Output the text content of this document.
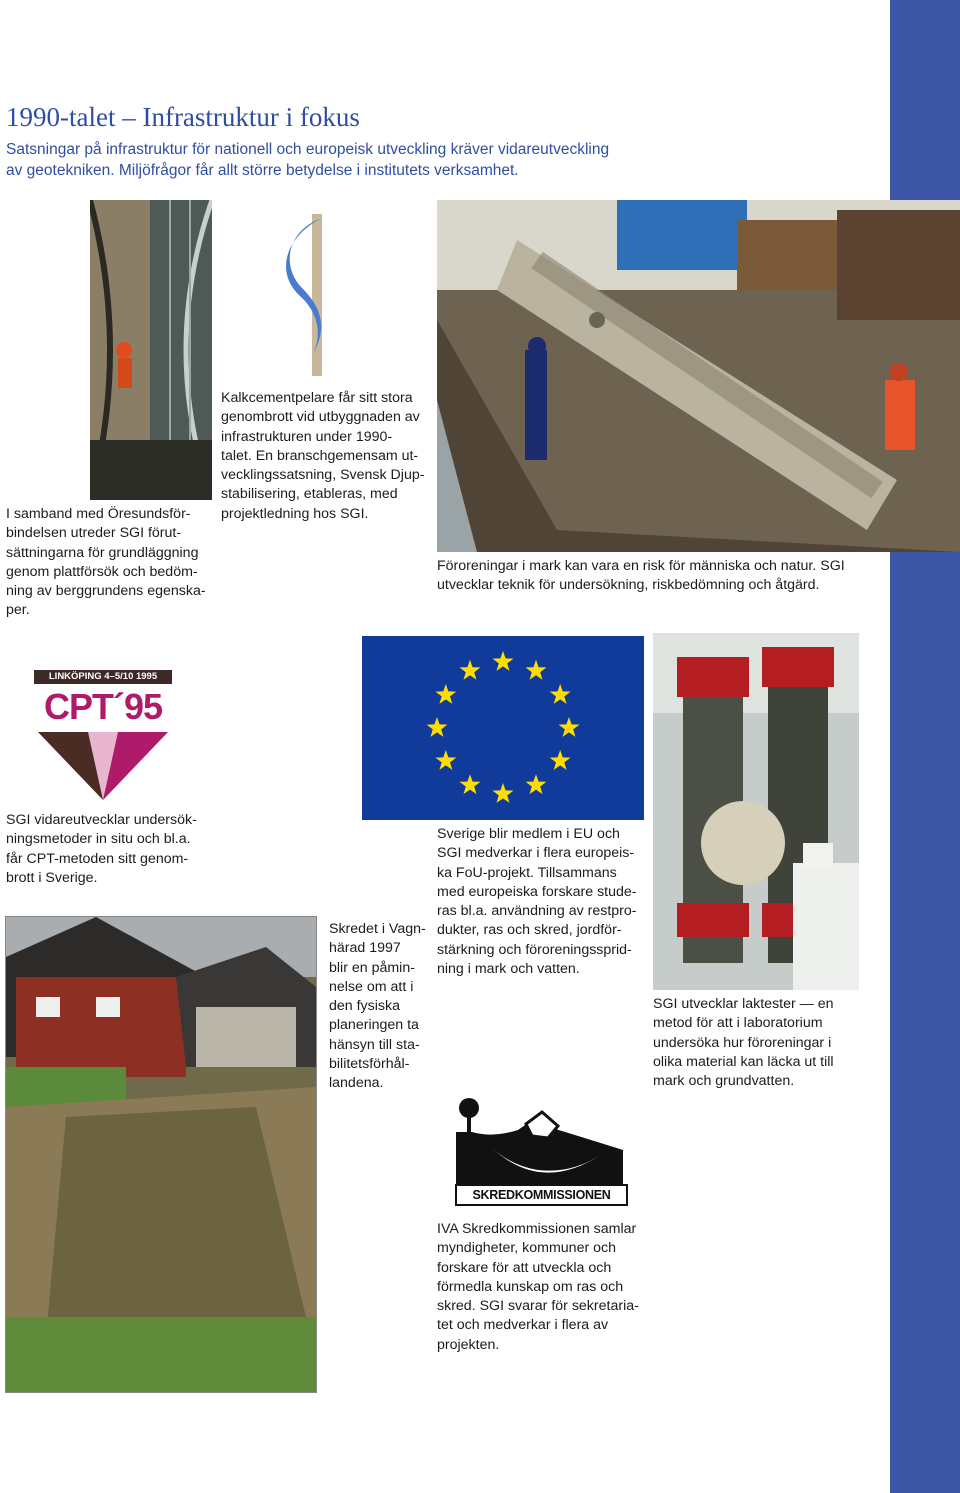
1990-talet – Infrastruktur i fokus
Satsningar på infrastruktur för nationell och europeisk utveckling kräver vidareutveckling
av geotekniken. Miljöfrågor får allt större betydelse i institutets verksamhet.
I samband med Öresundsför-
bindelsen utreder SGI förut-
sättningarna för grundläggning
genom plattförsök och bedöm-
ning av berggrundens egenska-
per.
Kalkcementpelare får sitt stora
genombrott vid utbyggnaden av
infrastrukturen under 1990-
talet. En branschgemensam ut-
vecklingssatsning, Svensk Djup-
stabilisering, etableras, med
projektledning hos SGI.
Föroreningar i mark kan vara en risk för människa och natur. SGI
utvecklar teknik för undersökning, riskbedömning och åtgärd.
LINKÖPING 4–5/10 1995
CPT´95
SGI vidareutvecklar undersök-
ningsmetoder in situ och bl.a.
får CPT-metoden sitt genom-
brott i Sverige.
Sverige blir medlem i EU och
SGI medverkar i flera europeis-
ka FoU-projekt. Tillsammans
med europeiska forskare stude-
ras bl.a. användning av restpro-
dukter, ras och skred, jordför-
stärkning och föroreningssprid-
ning i mark och vatten.
SGI utvecklar laktester — en
metod för att i laboratorium
undersöka hur föroreningar i
olika material kan läcka ut till
mark och grundvatten.
Skredet i Vagn-
härad 1997
blir en påmin-
nelse om att i
den fysiska
planeringen ta
hänsyn till sta-
bilitetsförhål-
landena.
SKREDKOMMISSIONEN
IVA Skredkommissionen samlar
myndigheter, kommuner och
forskare för att utveckla och
förmedla kunskap om ras och
skred. SGI svarar för sekretaria-
tet och medverkar i flera av
projekten.
